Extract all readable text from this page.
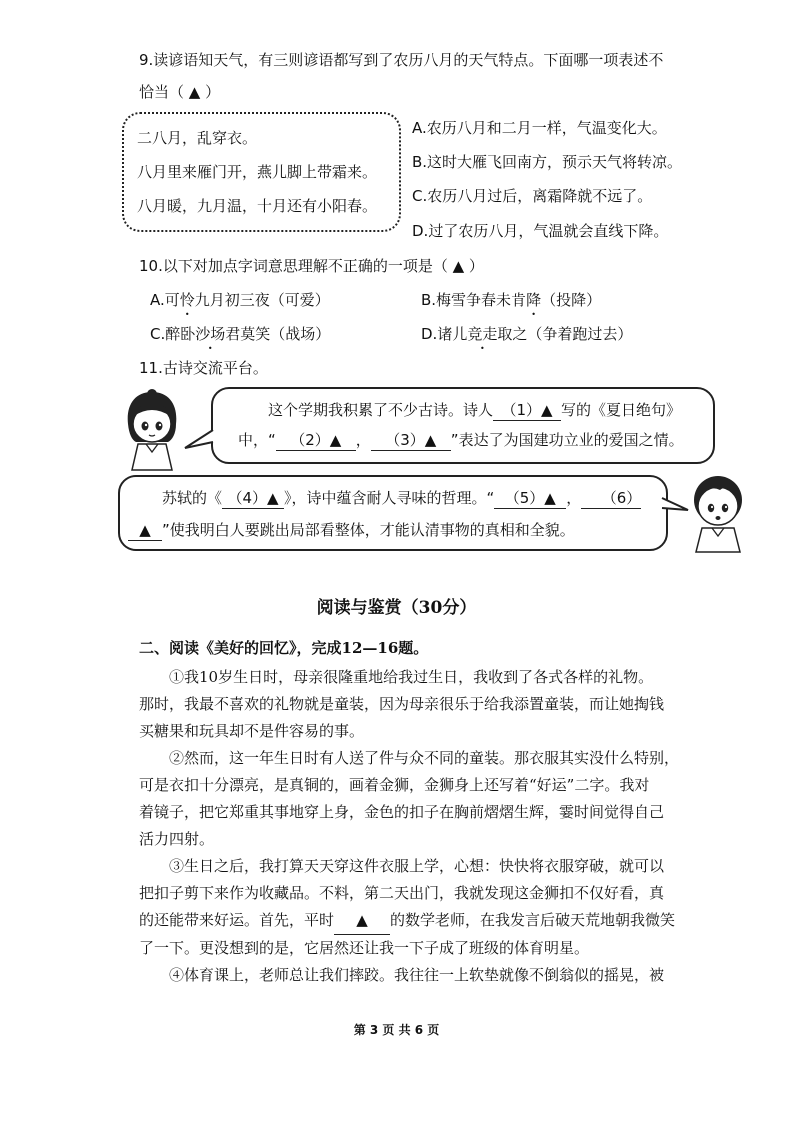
9.读谚语知天气，有三则谚语都写到了农历八月的天气特点。下面哪一项表述不
恰当（ ▲ ）
二八月，乱穿衣。
八月里来雁门开，燕儿脚上带霜来。
八月暖，九月温，十月还有小阳春。
A.农历八月和二月一样，气温变化大。
B.这时大雁飞回南方，预示天气将转凉。
C.农历八月过后，离霜降就不远了。
D.过了农历八月，气温就会直线下降。
10.以下对加点字词意思理解不正确的一项是（ ▲ ）
A.可怜九月初三夜（可爱）	B.梅雪争春未肯降（投降）
C.醉卧沙场君莫笑（战场）	D.诸儿竞走取之（争着跑过去）
11.古诗交流平台。
这个学期我积累了不少古诗。诗人 （1）▲ 写的《夏日绝句》
中，“ （2）▲ ， （3）▲ ”表达了为国建功立业的爱国之情。
苏轼的《 （4）▲ 》，诗中蕴含耐人寻味的哲理。“ （5）▲ ， （6）
▲ ”使我明白人要跳出局部看整体，才能认清事物的真相和全貌。
阅读与鉴赏（30分）
二、阅读《美好的回忆》，完成12—16题。
①我10岁生日时，母亲很隆重地给我过生日，我收到了各式各样的礼物。
那时，我最不喜欢的礼物就是童装，因为母亲很乐于给我添置童装，而让她掏钱
买糖果和玩具却不是件容易的事。
②然而，这一年生日时有人送了件与众不同的童装。那衣服其实没什么特别，
可是衣扣十分漂亮，是真铜的，画着金狮，金狮身上还写着“好运”二字。我对
着镜子，把它郑重其事地穿上身，金色的扣子在胸前熠熠生辉，霎时间觉得自己
活力四射。
③生日之后，我打算天天穿这件衣服上学，心想：快快将衣服穿破，就可以
把扣子剪下来作为收藏品。不料，第二天出门，我就发现这金狮扣不仅好看，真
的还能带来好运。首先，平时 ▲ 的数学老师，在我发言后破天荒地朝我微笑
了一下。更没想到的是，它居然还让我一下子成了班级的体育明星。
④体育课上，老师总让我们摔跤。我往往一上软垫就像不倒翁似的摇晃，被
第 3 页 共 6 页
